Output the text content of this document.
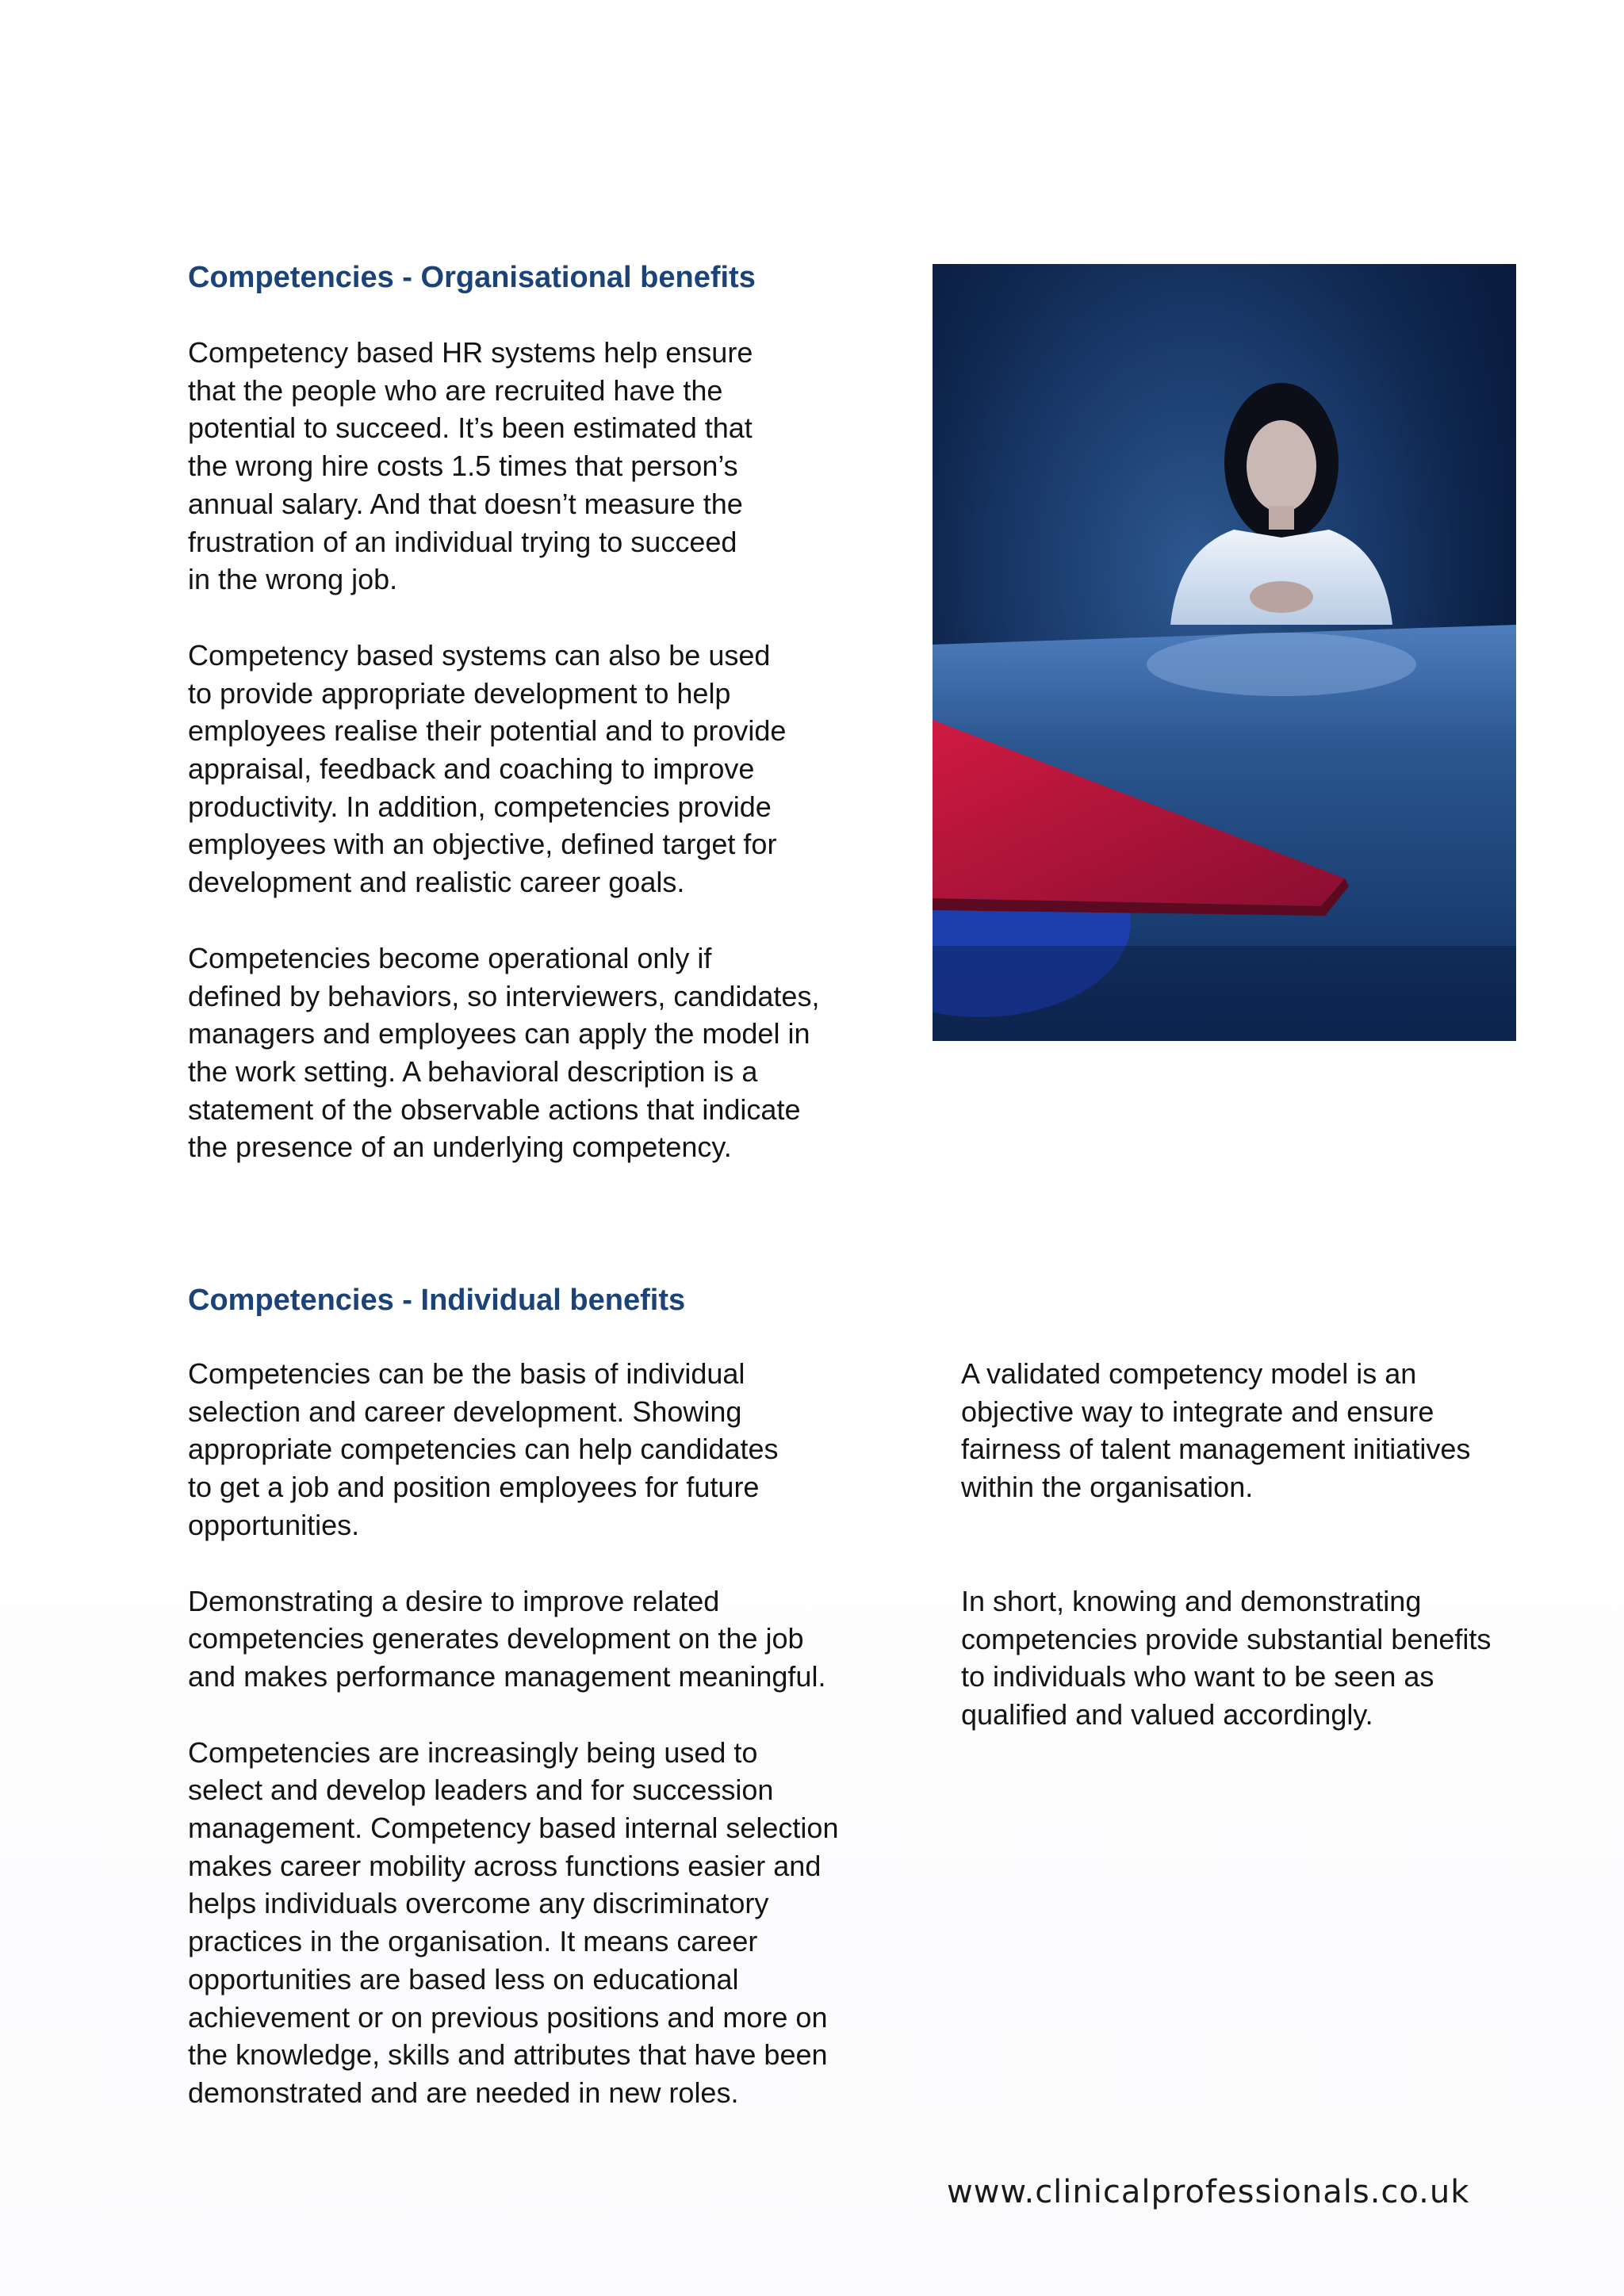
Competencies - Organisational benefits

Competency based HR systems help ensure
that the people who are recruited have the
potential to succeed. It’s been estimated that
the wrong hire costs 1.5 times that person’s
annual salary. And that doesn’t measure the
frustration of an individual trying to succeed
in the wrong job.

Competency based systems can also be used
to provide appropriate development to help
employees realise their potential and to provide
appraisal, feedback and coaching to improve
productivity. In addition, competencies provide
employees with an objective, defined target for
development and realistic career goals.

Competencies become operational only if
defined by behaviors, so interviewers, candidates,
managers and employees can apply the model in
the work setting. A behavioral description is a
statement of the observable actions that indicate
the presence of an underlying competency.

Competencies - Individual benefits

Competencies can be the basis of individual
selection and career development. Showing
appropriate competencies can help candidates
to get a job and position employees for future
opportunities.

Demonstrating a desire to improve related
competencies generates development on the job
and makes performance management meaningful.

Competencies are increasingly being used to
select and develop leaders and for succession
management. Competency based internal selection
makes career mobility across functions easier and
helps individuals overcome any discriminatory
practices in the organisation. It means career
opportunities are based less on educational
achievement or on previous positions and more on
the knowledge, skills and attributes that have been
demonstrated and are needed in new roles.

A validated competency model is an
objective way to integrate and ensure
fairness of talent management initiatives
within the organisation.

In short, knowing and demonstrating
competencies provide substantial benefits
to individuals who want to be seen as
qualified and valued accordingly.

www.clinicalprofessionals.co.uk
